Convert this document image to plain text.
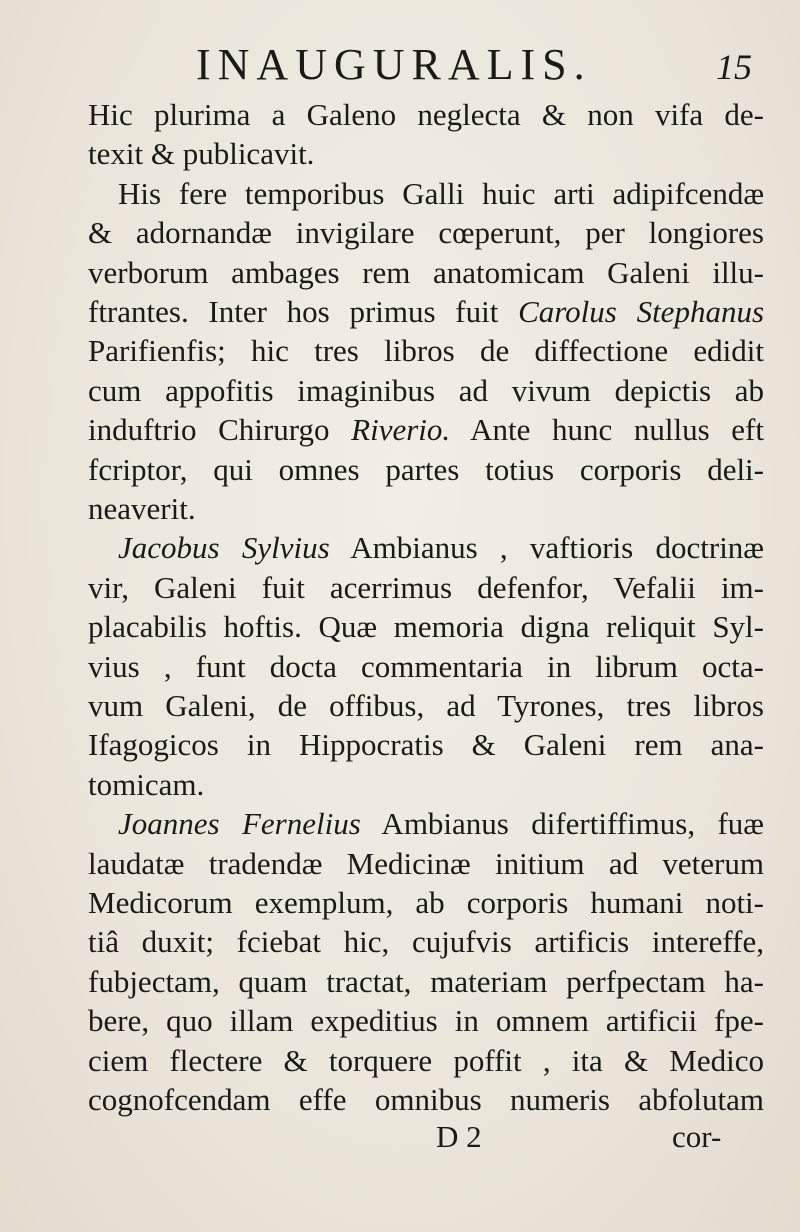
INAUGURALIS.	15
Hic plurima a Galeno neglecta & non vifa de-
texit & publicavit.
His fere temporibus Galli huic arti adipifcendæ
& adornandæ invigilare cœperunt, per longiores
verborum ambages rem anatomicam Galeni illu-
ftrantes. Inter hos primus fuit Carolus Stephanus
Parifienfis; hic tres libros de diffectione edidit
cum appofitis imaginibus ad vivum depictis ab
induftrio Chirurgo Riverio. Ante hunc nullus eft
fcriptor, qui omnes partes totius corporis deli-
neaverit.
Jacobus Sylvius Ambianus , vaftioris doctrinæ
vir, Galeni fuit acerrimus defenfor, Vefalii im-
placabilis hoftis. Quæ memoria digna reliquit Syl-
vius , funt docta commentaria in librum octa-
vum Galeni, de offibus, ad Tyrones, tres libros
Ifagogicos in Hippocratis & Galeni rem ana-
tomicam.
Joannes Fernelius Ambianus difertiffimus, fuæ
laudatæ tradendæ Medicinæ initium ad veterum
Medicorum exemplum, ab corporis humani noti-
tiâ duxit; fciebat hic, cujufvis artificis intereffe,
fubjectam, quam tractat, materiam perfpectam ha-
bere, quo illam expeditius in omnem artificii fpe-
ciem flectere & torquere poffit , ita & Medico
cognofcendam effe omnibus numeris abfolutam
D 2	cor-
